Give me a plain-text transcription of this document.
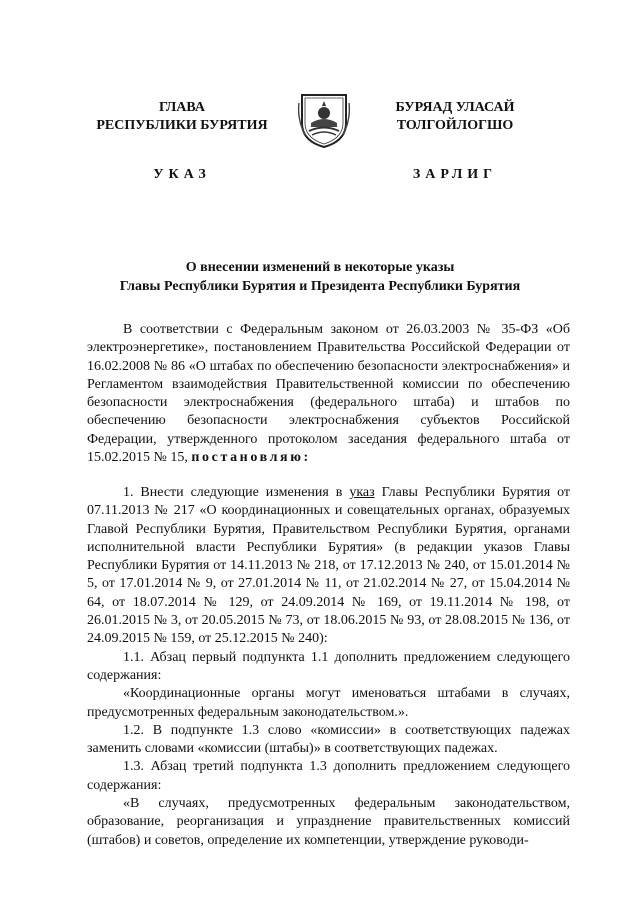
ГЛАВА
РЕСПУБЛИКИ БУРЯТИЯ
УКАЗ
БУРЯАД УЛАСАЙ
ТОЛГОЙЛОГШО
ЗАРЛИГ
О внесении изменений в некоторые указы
Главы Республики Бурятия и Президента Республики Бурятия

В соответствии с Федеральным законом от 26.03.2003 № 35-ФЗ «Об электроэнергетике», постановлением Правительства Российской Федерации от 16.02.2008 № 86 «О штабах по обеспечению безопасности электроснабжения» и Регламентом взаимодействия Правительственной комиссии по обеспечению безопасности электроснабжения (федерального штаба) и штабов по обеспечению безопасности электроснабжения субъектов Российской Федерации, утвержденного протоколом заседания федерального штаба от 15.02.2015 № 15, постановляю:

1. Внести следующие изменения в указ Главы Республики Бурятия от 07.11.2013 № 217 «О координационных и совещательных органах, образуемых Главой Республики Бурятия, Правительством Республики Бурятия, органами исполнительной власти Республики Бурятия» (в редакции указов Главы Республики Бурятия от 14.11.2013 № 218, от 17.12.2013 № 240, от 15.01.2014 № 5, от 17.01.2014 № 9, от 27.01.2014 № 11, от 21.02.2014 № 27, от 15.04.2014 № 64, от 18.07.2014 № 129, от 24.09.2014 № 169, от 19.11.2014 № 198, от 26.01.2015 № 3, от 20.05.2015 № 73, от 18.06.2015 № 93, от 28.08.2015 № 136, от 24.09.2015 № 159, от 25.12.2015 № 240):

1.1. Абзац первый подпункта 1.1 дополнить предложением следующего содержания:

«Координационные органы могут именоваться штабами в случаях, предусмотренных федеральным законодательством.».

1.2. В подпункте 1.3 слово «комиссии» в соответствующих падежах заменить словами «комиссии (штабы)» в соответствующих падежах.

1.3. Абзац третий подпункта 1.3 дополнить предложением следующего содержания:

«В случаях, предусмотренных федеральным законодательством, образование, реорганизация и упразднение правительственных комиссий (штабов) и советов, определение их компетенции, утверждение руководи-
